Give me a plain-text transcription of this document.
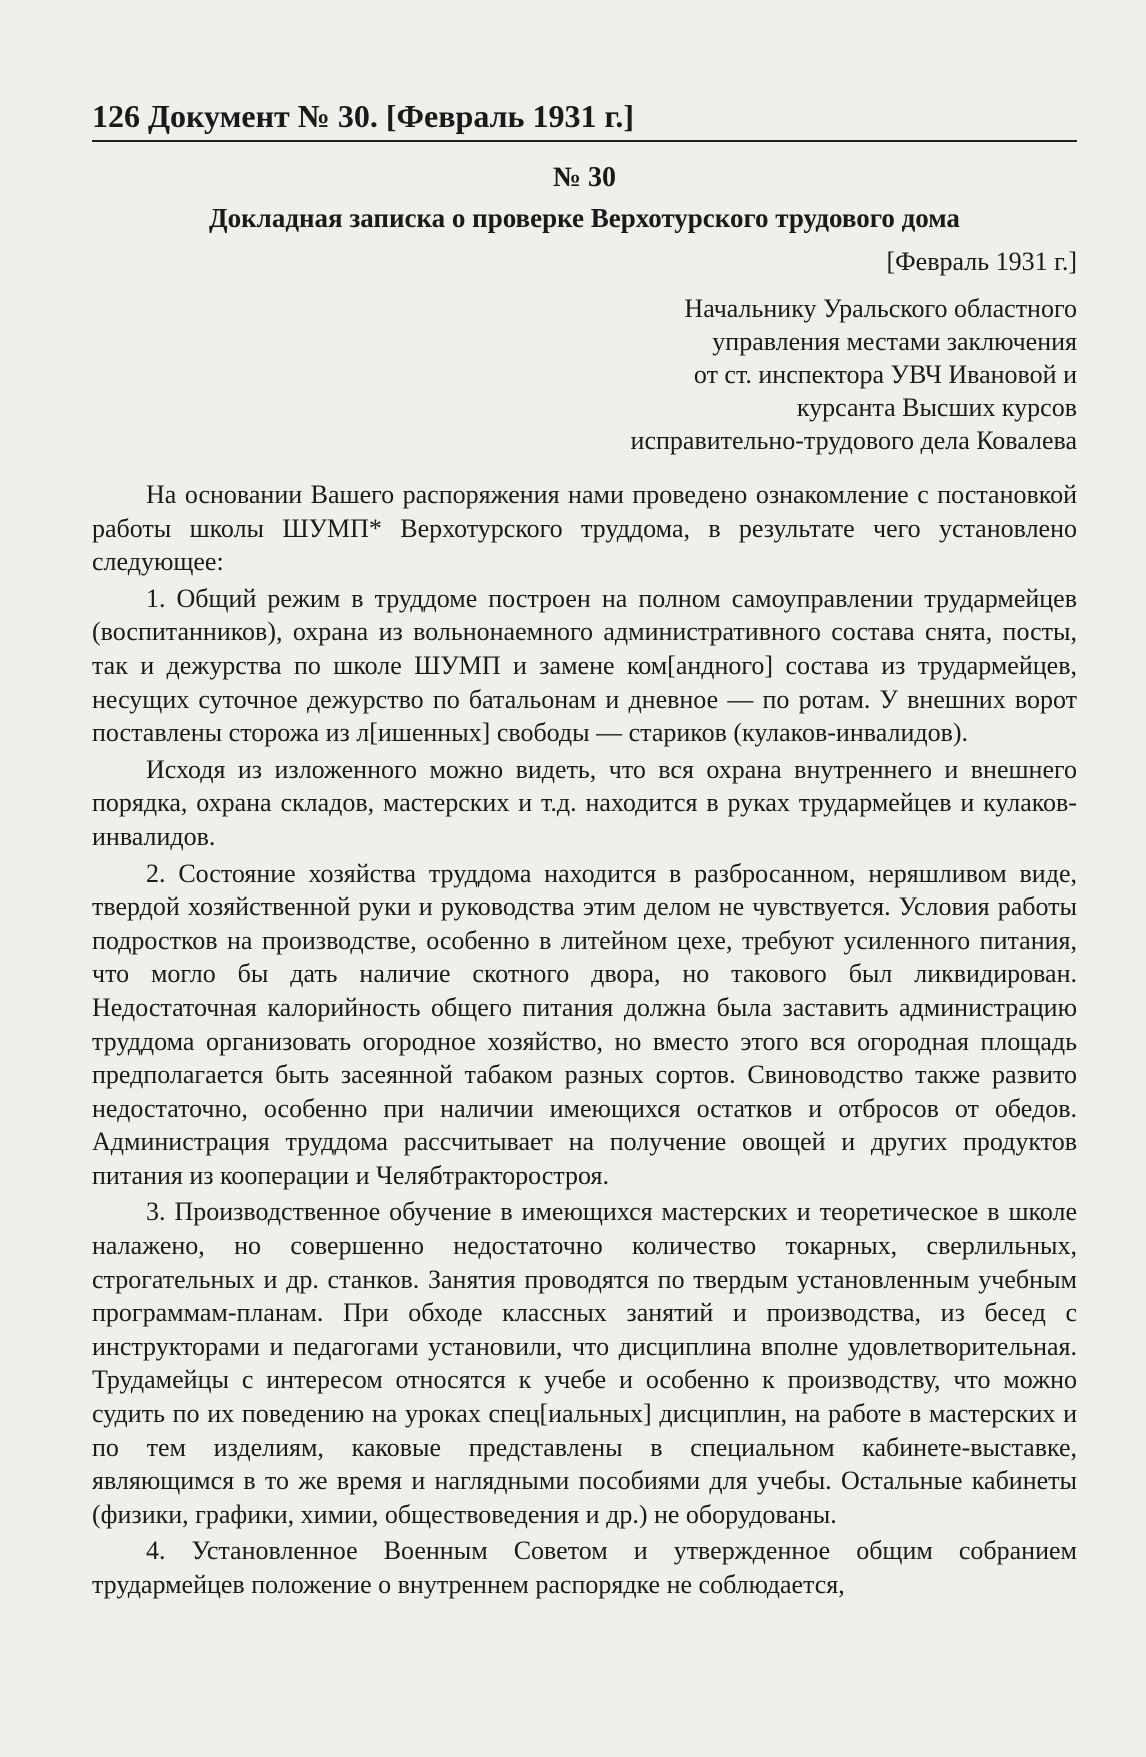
126 Документ № 30. [Февраль 1931 г.]
№ 30
Докладная записка о проверке Верхотурского трудового дома
[Февраль 1931 г.]
Начальнику Уральского областного
управления местами заключения
от ст. инспектора УВЧ Ивановой и
курсанта Высших курсов
исправительно-трудового дела Ковалева

На основании Вашего распоряжения нами проведено ознакомление с постановкой работы школы ШУМП* Верхотурского труддома, в результате чего установлено следующее:

1. Общий режим в труддоме построен на полном самоуправлении трудармейцев (воспитанников), охрана из вольнонаемного административного состава снята, посты, так и дежурства по школе ШУМП и замене ком[андного] состава из трудармейцев, несущих суточное дежурство по батальонам и дневное — по ротам. У внешних ворот поставлены сторожа из л[ишенных] свободы — стариков (кулаков-инвалидов).

Исходя из изложенного можно видеть, что вся охрана внутреннего и внешнего порядка, охрана складов, мастерских и т.д. находится в руках трудармейцев и кулаков-инвалидов.

2. Состояние хозяйства труддома находится в разбросанном, неряшливом виде, твердой хозяйственной руки и руководства этим делом не чувствуется. Условия работы подростков на производстве, особенно в литейном цехе, требуют усиленного питания, что могло бы дать наличие скотного двора, но такового был ликвидирован. Недостаточная калорийность общего питания должна была заставить администрацию труддома организовать огородное хозяйство, но вместо этого вся огородная площадь предполагается быть засеянной табаком разных сортов. Свиноводство также развито недостаточно, особенно при наличии имеющихся остатков и отбросов от обедов. Администрация труддома рассчитывает на получение овощей и других продуктов питания из кооперации и Челябтракторостроя.

3. Производственное обучение в имеющихся мастерских и теоретическое в школе налажено, но совершенно недостаточно количество токарных, сверлильных, строгательных и др. станков. Занятия проводятся по твердым установленным учебным программам-планам. При обходе классных занятий и производства, из бесед с инструкторами и педагогами установили, что дисциплина вполне удовлетворительная. Трудамейцы с интересом относятся к учебе и особенно к производству, что можно судить по их поведению на уроках спец[иальных] дисциплин, на работе в мастерских и по тем изделиям, каковые представлены в специальном кабинете-выставке, являющимся в то же время и наглядными пособиями для учебы. Остальные кабинеты (физики, графики, химии, обществоведения и др.) не оборудованы.

4. Установленное Военным Советом и утвержденное общим собранием трудармейцев положение о внутреннем распорядке не соблюдается,
